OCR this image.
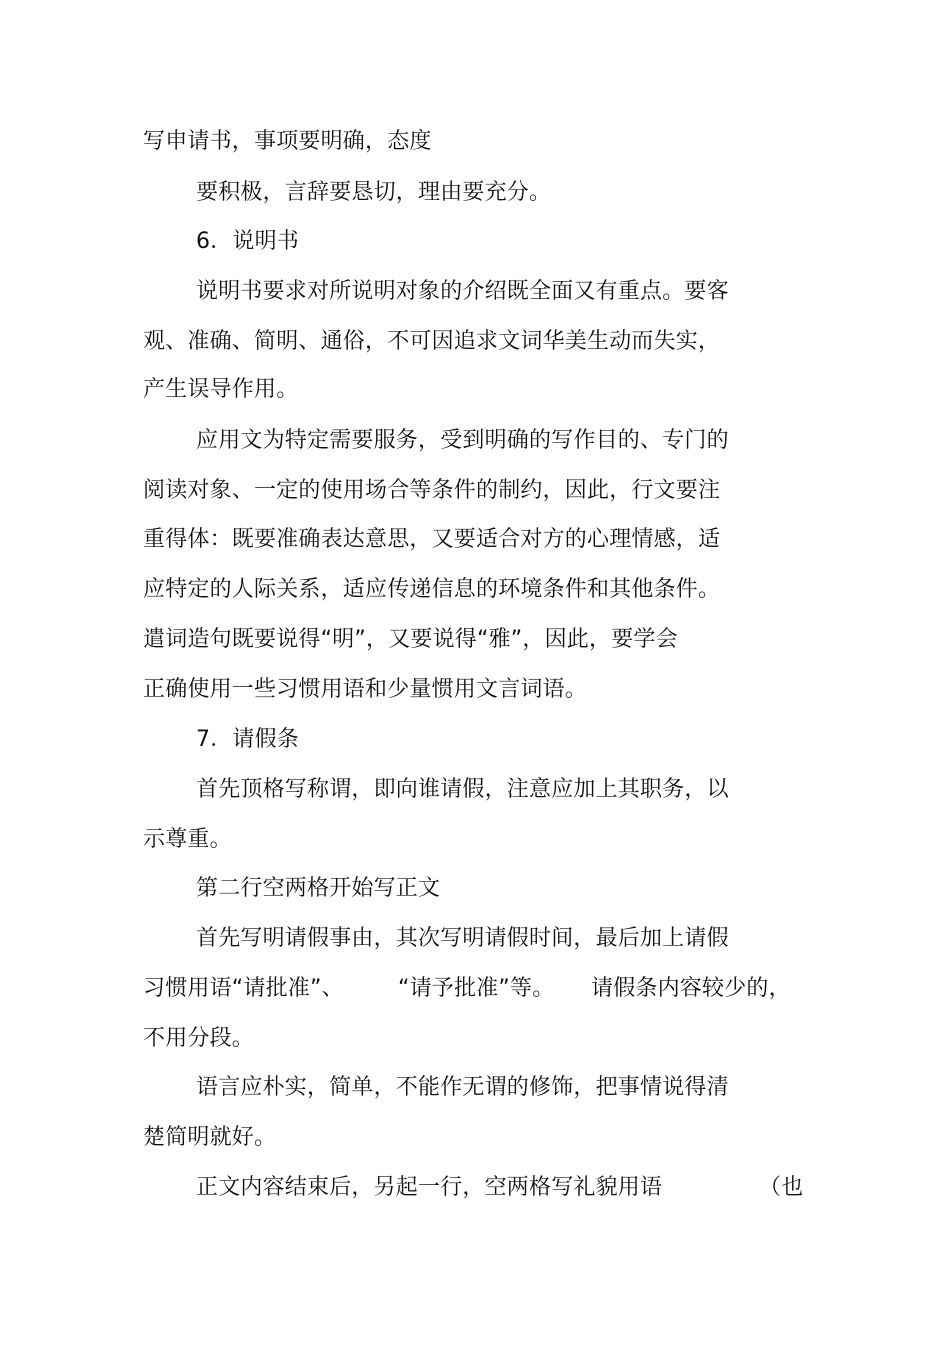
写申请书，事项要明确，态度
要积极，言辞要恳切，理由要充分。
6．说明书
说明书要求对所说明对象的介绍既全面又有重点。要客
观、准确、简明、通俗，不可因追求文词华美生动而失实，
产生误导作用。
应用文为特定需要服务，受到明确的写作目的、专门的
阅读对象、一定的使用场合等条件的制约，因此，行文要注
重得体：既要准确表达意思，又要适合对方的心理情感，适
应特定的人际关系，适应传递信息的环境条件和其他条件。
遣词造句既要说得“明”，又要说得“雅”，因此，要学会
正确使用一些习惯用语和少量惯用文言词语。
7．请假条
首先顶格写称谓，即向谁请假，注意应加上其职务，以
示尊重。
第二行空两格开始写正文
首先写明请假事由，其次写明请假时间，最后加上请假
习惯用语“请批准”、 “请予批准”等。 请假条内容较少的，
不用分段。
语言应朴实，简单，不能作无谓的修饰，把事情说得清
楚简明就好。
正文内容结束后，另起一行，空两格写礼貌用语	（也
